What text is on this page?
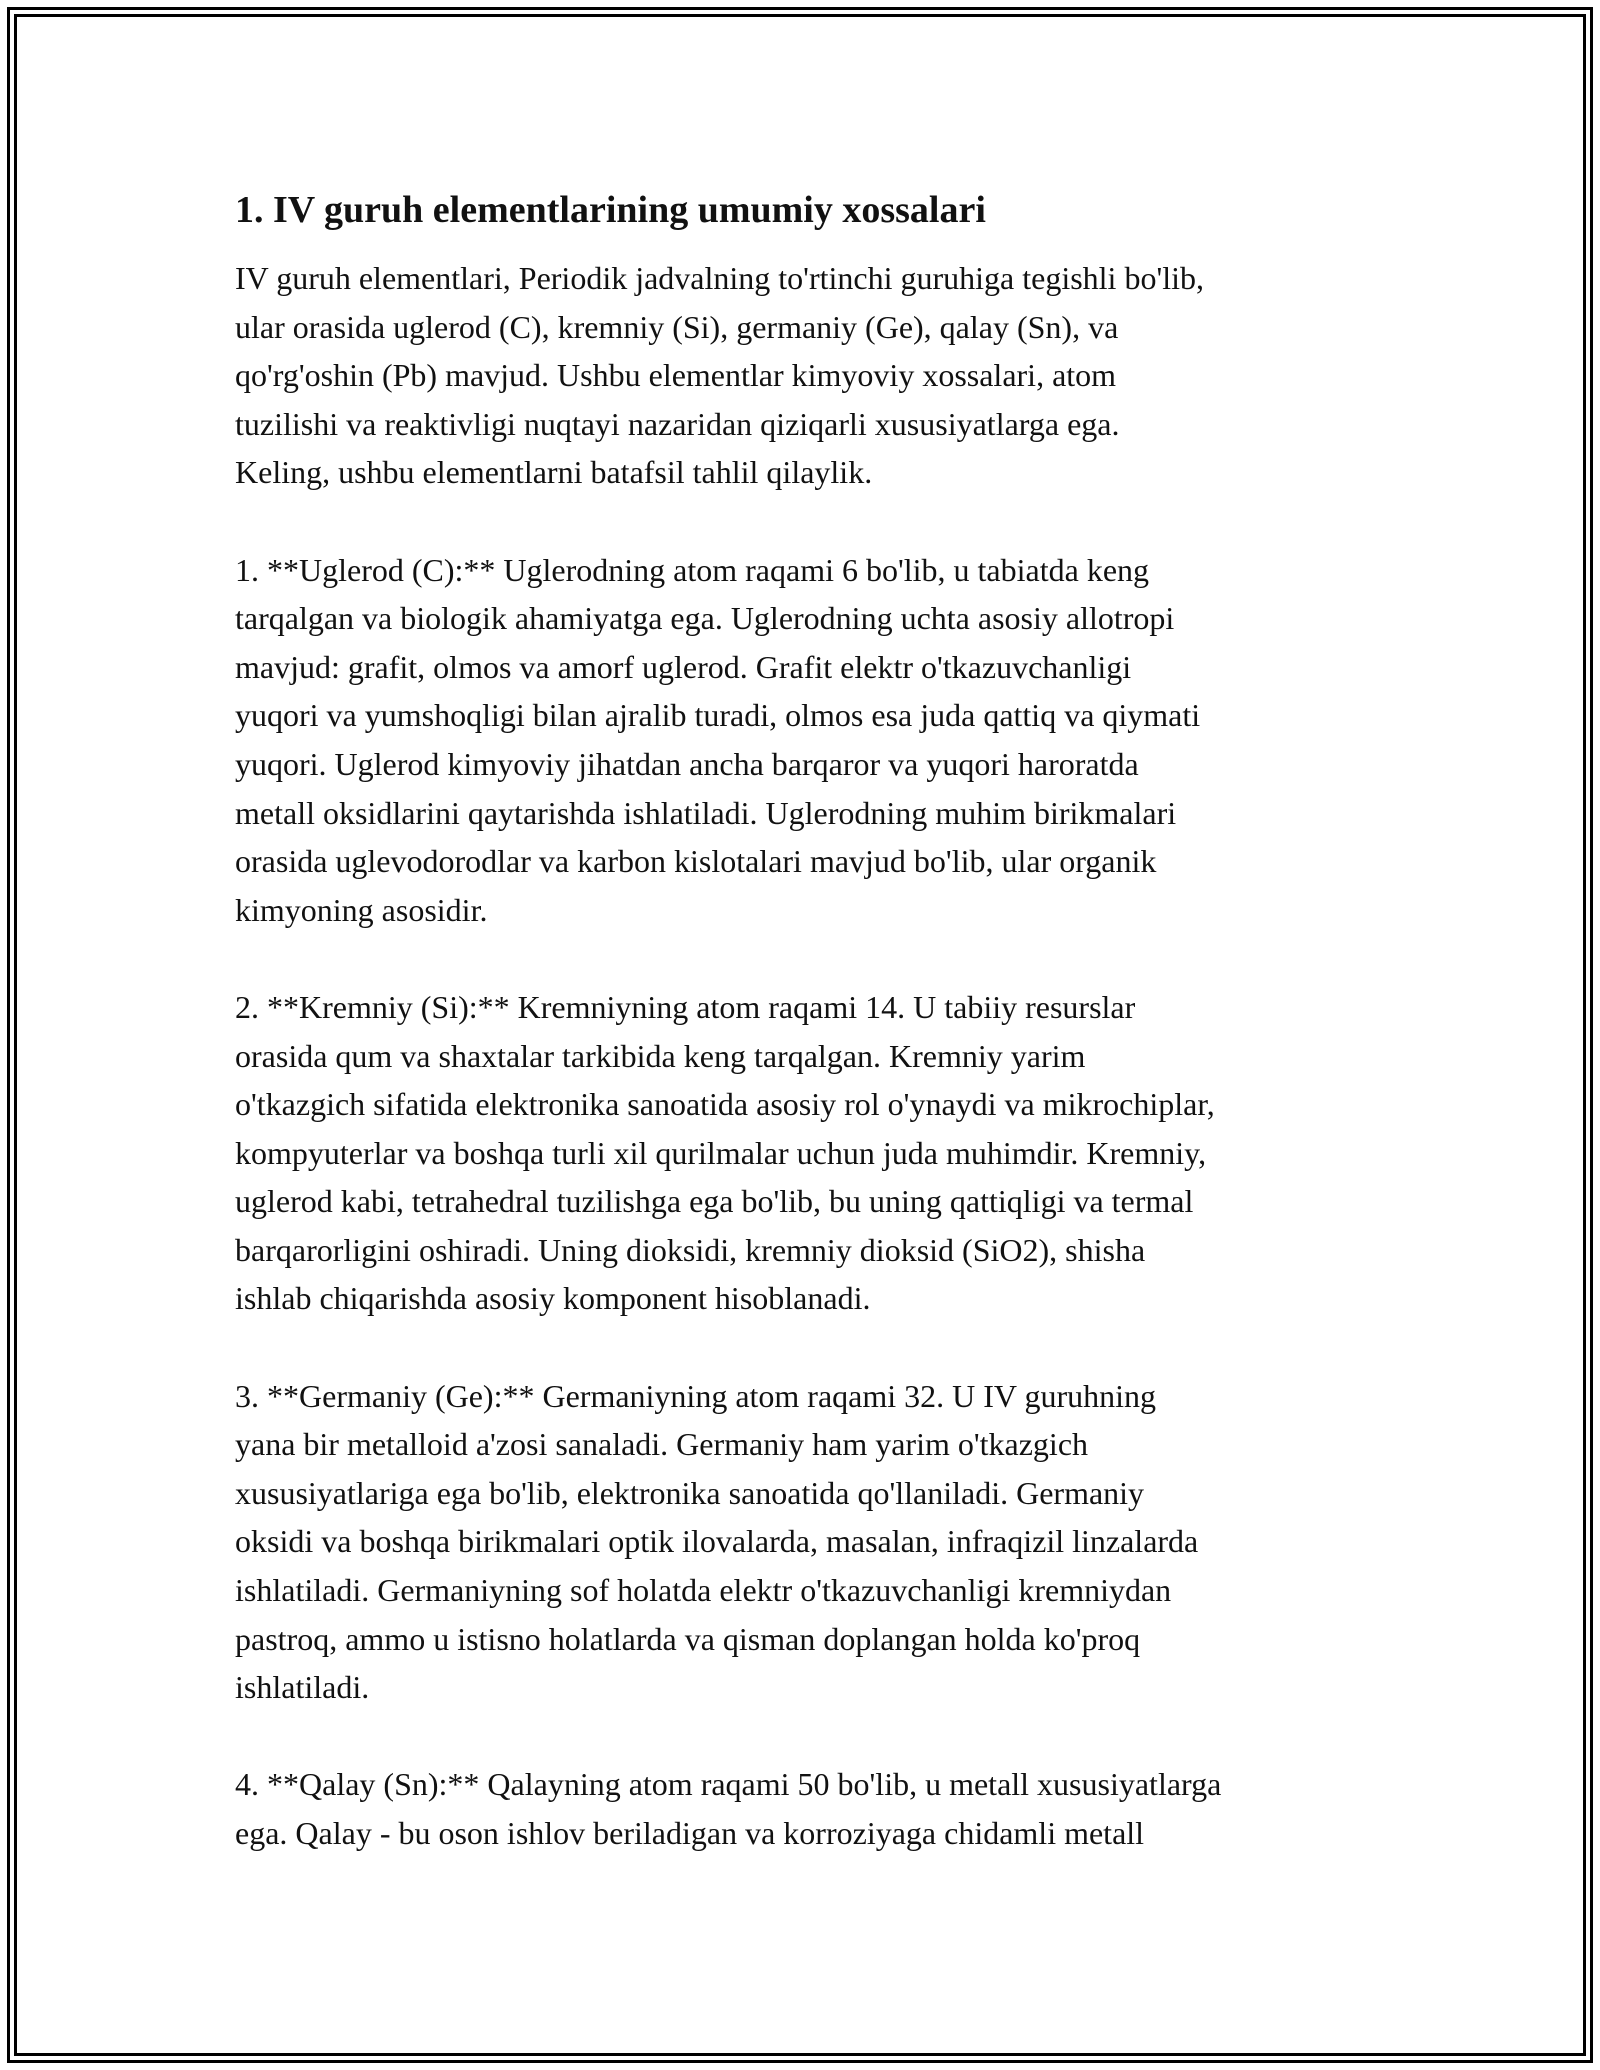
1. IV guruh elementlarining umumiy xossalari

IV guruh elementlari, Periodik jadvalning to'rtinchi guruhiga tegishli bo'lib,
ular orasida uglerod (C), kremniy (Si), germaniy (Ge), qalay (Sn), va
qo'rg'oshin (Pb) mavjud. Ushbu elementlar kimyoviy xossalari, atom
tuzilishi va reaktivligi nuqtayi nazaridan qiziqarli xususiyatlarga ega.
Keling, ushbu elementlarni batafsil tahlil qilaylik.

1. **Uglerod (C):** Uglerodning atom raqami 6 bo'lib, u tabiatda keng
tarqalgan va biologik ahamiyatga ega. Uglerodning uchta asosiy allotropi
mavjud: grafit, olmos va amorf uglerod. Grafit elektr o'tkazuvchanligi
yuqori va yumshoqligi bilan ajralib turadi, olmos esa juda qattiq va qiymati
yuqori. Uglerod kimyoviy jihatdan ancha barqaror va yuqori haroratda
metall oksidlarini qaytarishda ishlatiladi. Uglerodning muhim birikmalari
orasida uglevodorodlar va karbon kislotalari mavjud bo'lib, ular organik
kimyoning asosidir.

2. **Kremniy (Si):** Kremniyning atom raqami 14. U tabiiy resurslar
orasida qum va shaxtalar tarkibida keng tarqalgan. Kremniy yarim
o'tkazgich sifatida elektronika sanoatida asosiy rol o'ynaydi va mikrochiplar,
kompyuterlar va boshqa turli xil qurilmalar uchun juda muhimdir. Kremniy,
uglerod kabi, tetrahedral tuzilishga ega bo'lib, bu uning qattiqligi va termal
barqarorligini oshiradi. Uning dioksidi, kremniy dioksid (SiO2), shisha
ishlab chiqarishda asosiy komponent hisoblanadi.

3. **Germaniy (Ge):** Germaniyning atom raqami 32. U IV guruhning
yana bir metalloid a'zosi sanaladi. Germaniy ham yarim o'tkazgich
xususiyatlariga ega bo'lib, elektronika sanoatida qo'llaniladi. Germaniy
oksidi va boshqa birikmalari optik ilovalarda, masalan, infraqizil linzalarda
ishlatiladi. Germaniyning sof holatda elektr o'tkazuvchanligi kremniydan
pastroq, ammo u istisno holatlarda va qisman doplangan holda ko'proq
ishlatiladi.

4. **Qalay (Sn):** Qalayning atom raqami 50 bo'lib, u metall xususiyatlarga
ega. Qalay - bu oson ishlov beriladigan va korroziyaga chidamli metall
